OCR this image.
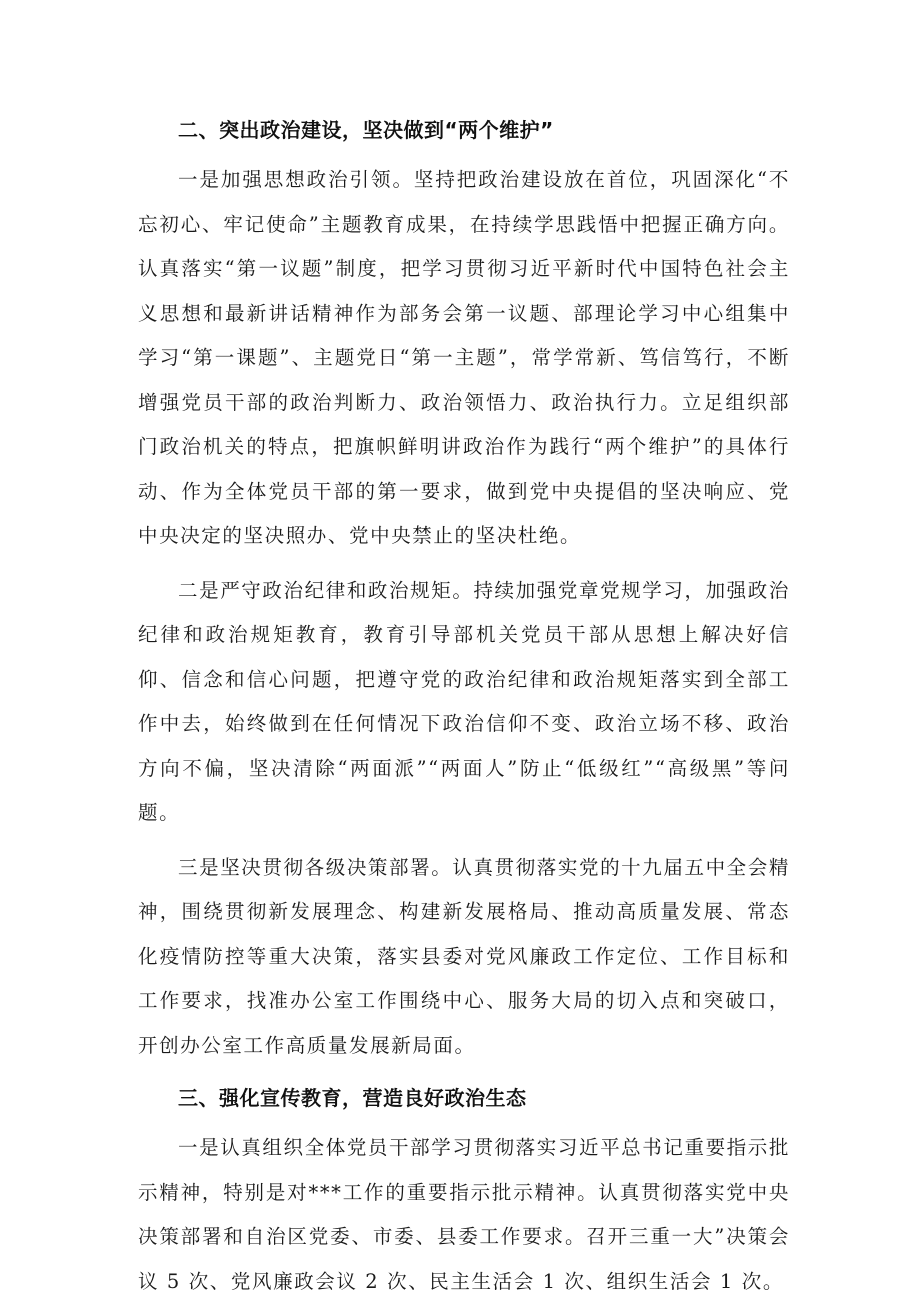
二、突出政治建设，坚决做到“两个维护”

一是加强思想政治引领。坚持把政治建设放在首位，巩固深化“不忘初心、牢记使命”主题教育成果，在持续学思践悟中把握正确方向。认真落实“第一议题”制度，把学习贯彻习近平新时代中国特色社会主义思想和最新讲话精神作为部务会第一议题、部理论学习中心组集中学习“第一课题”、主题党日“第一主题”，常学常新、笃信笃行，不断增强党员干部的政治判断力、政治领悟力、政治执行力。立足组织部门政治机关的特点，把旗帜鲜明讲政治作为践行“两个维护”的具体行动、作为全体党员干部的第一要求，做到党中央提倡的坚决响应、党中央决定的坚决照办、党中央禁止的坚决杜绝。

二是严守政治纪律和政治规矩。持续加强党章党规学习，加强政治纪律和政治规矩教育，教育引导部机关党员干部从思想上解决好信仰、信念和信心问题，把遵守党的政治纪律和政治规矩落实到全部工作中去，始终做到在任何情况下政治信仰不变、政治立场不移、政治方向不偏，坚决清除“两面派”“两面人”防止“低级红”“高级黑”等问题。

三是坚决贯彻各级决策部署。认真贯彻落实党的十九届五中全会精神，围绕贯彻新发展理念、构建新发展格局、推动高质量发展、常态化疫情防控等重大决策，落实县委对党风廉政工作定位、工作目标和工作要求，找准办公室工作围绕中心、服务大局的切入点和突破口，开创办公室工作高质量发展新局面。

三、强化宣传教育，营造良好政治生态

一是认真组织全体党员干部学习贯彻落实习近平总书记重要指示批示精神，特别是对***工作的重要指示批示精神。认真贯彻落实党中央决策部署和自治区党委、市委、县委工作要求。召开三重一大”决策会议 5 次、党风廉政会议 2 次、民主生活会 1 次、组织生活会 1 次。
